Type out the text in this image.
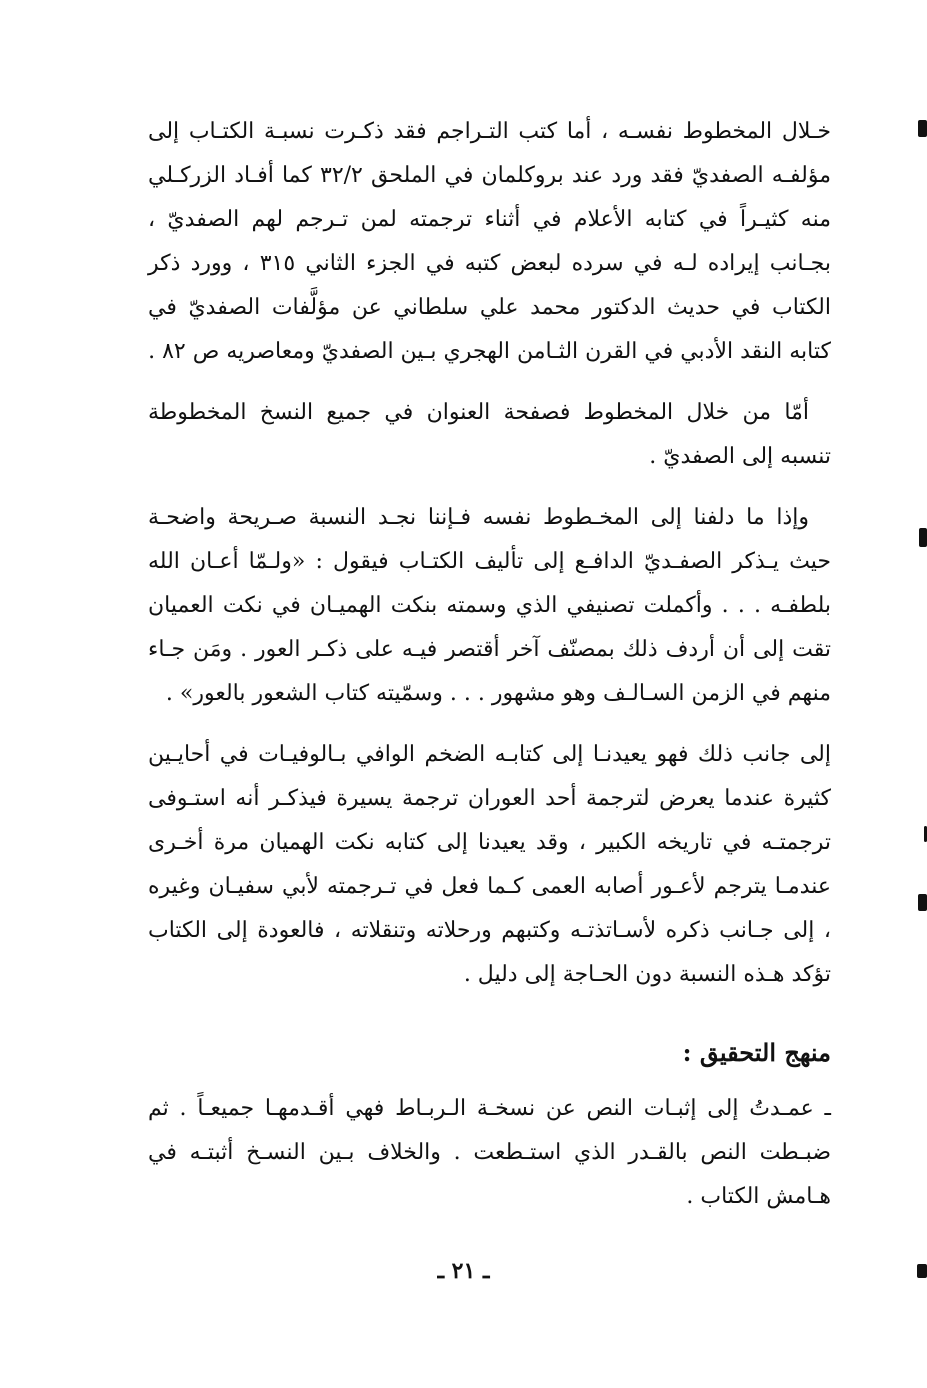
خـلال المخطوط نفسـه ، أما كتب التـراجم فقد ذكـرت نسبـة الكتـاب إلى مؤلفـه الصفديّ فقد ورد عند بروكلمان في الملحق ٣٢/٢ كما أفـاد الزركـلي منه كثيـراً في كتابه الأعلام في أثناء ترجمته لمن تـرجم لهم الصفديّ ، بجـانب إيراده لـه في سرده لبعض كتبه في الجزء الثاني ٣١٥ ، وورد ذكر الكتاب في حديث الدكتور محمد علي سلطاني عن مؤلَّفات الصفديّ في كتابه النقد الأدبي في القرن الثـامن الهجري بـين الصفديّ ومعاصريه ص ٨٢ .

أمّا من خلال المخطوط فصفحة العنوان في جميع النسخ المخطوطة تنسبه إلى الصفديّ .

وإذا ما دلفنا إلى المخـطوط نفسه فـإننا نجـد النسبة صـريحة واضحـة حيث يـذكر الصفـديّ الدافـع إلى تأليف الكتـاب فيقول : «ولـمّا أعـان الله بلطفـه . . . وأكملت تصنيفي الذي وسمته بنكت الهميـان في نكت العميان تقت إلى أن أردف ذلك بمصنّف آخر أقتصر فيـه على ذكـر العور . ومَن جـاء منهم في الزمن السـالـف وهو مشهور . . . وسمّيته كتاب الشعور بالعور» .

إلى جانب ذلك فهو يعيدنـا إلى كتابـه الضخم الوافي بـالوفيـات في أحايـين كثيرة عندما يعرض لترجمة أحد العوران ترجمة يسيرة فيذكـر أنه استـوفى ترجمتـه في تاريخه الكبير ، وقد يعيدنا إلى كتابه نكت الهميان مرة أخـرى عندمـا يترجم لأعـور أصابه العمى كـما فعل في تـرجمته لأبي سفيـان وغيره ، إلى جـانب ذكره لأسـاتذتـه وكتبهم ورحلاته وتنقلاته ، فالعودة إلى الكتاب تؤكد هـذه النسبة دون الحـاجة إلى دليل .

منهج التحقيق :

ـ عمـدتُ إلى إثبـات النص عن نسخـة الـربـاط فهي أقـدمهـا جميعـاً . ثم ضبـطت النص بالقـدر الذي استـطعت . والخلاف بـين النسـخ أثبتـه في هـامش الكتاب .

ـ ٢١ ـ
